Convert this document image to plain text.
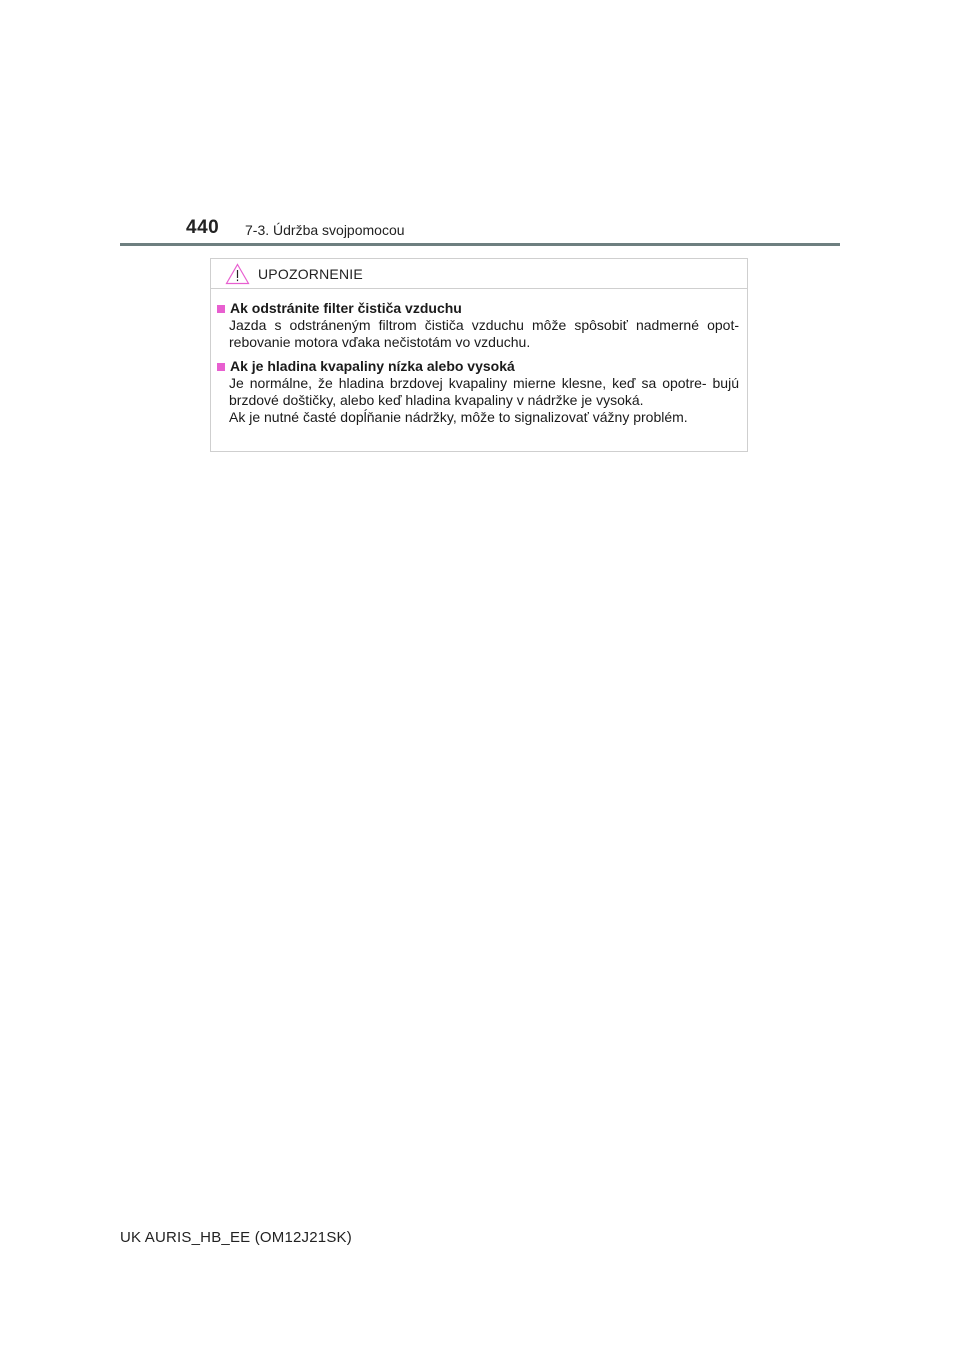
440 7-3. Údržba svojpomocou
UPOZORNENIE
Ak odstránite filter čističa vzduchu

Jazda s odstráneným filtrom čističa vzduchu môže spôsobiť nadmerné opot- rebovanie motora vďaka nečistotám vo vzduchu.

Ak je hladina kvapaliny nízka alebo vysoká

Je normálne, že hladina brzdovej kvapaliny mierne klesne, keď sa opotre- bujú brzdové doštičky, alebo keď hladina kvapaliny v nádržke je vysoká.

Ak je nutné časté dopĺňanie nádržky, môže to signalizovať vážny problém.

UK AURIS_HB_EE (OM12J21SK)
